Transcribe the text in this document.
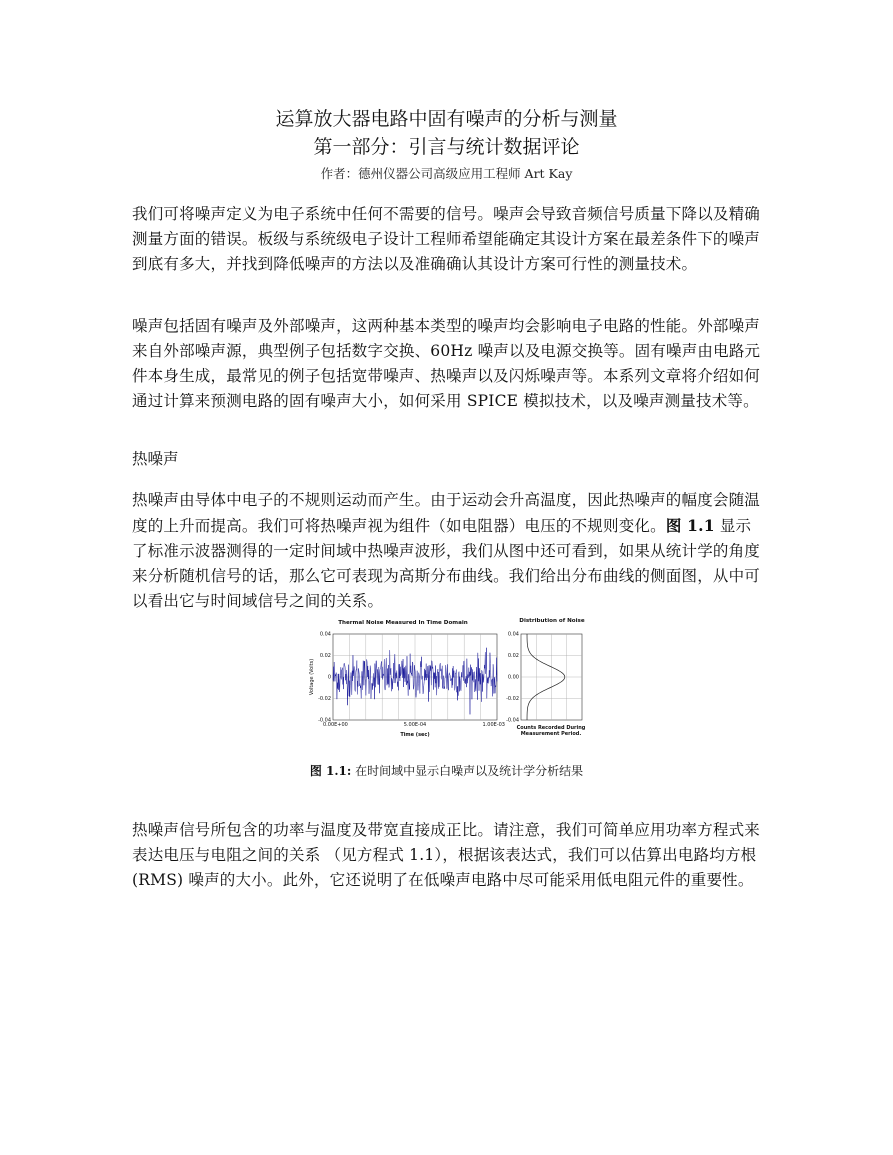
运算放大器电路中固有噪声的分析与测量
第一部分：引言与统计数据评论
作者：德州仪器公司高级应用工程师 Art Kay
我们可将噪声定义为电子系统中任何不需要的信号。噪声会导致音频信号质量下降以及精确测量方面的错误。板级与系统级电子设计工程师希望能确定其设计方案在最差条件下的噪声到底有多大，并找到降低噪声的方法以及准确确认其设计方案可行性的测量技术。
噪声包括固有噪声及外部噪声，这两种基本类型的噪声均会影响电子电路的性能。外部噪声来自外部噪声源，典型例子包括数字交换、60Hz 噪声以及电源交换等。固有噪声由电路元件本身生成，最常见的例子包括宽带噪声、热噪声以及闪烁噪声等。本系列文章将介绍如何通过计算来预测电路的固有噪声大小，如何采用 SPICE 模拟技术，以及噪声测量技术等。
热噪声
热噪声由导体中电子的不规则运动而产生。由于运动会升高温度，因此热噪声的幅度会随温度的上升而提高。我们可将热噪声视为组件（如电阻器）电压的不规则变化。图 1.1 显示了标准示波器测得的一定时间域中热噪声波形，我们从图中还可看到，如果从统计学的角度来分析随机信号的话，那么它可表现为高斯分布曲线。我们给出分布曲线的侧面图，从中可以看出它与时间域信号之间的关系。
Thermal Noise Measured In Time Domain
0.04
0.02
0
-0.02
-0.04
0.00E+00	5.00E-04	1.00E-03
Time (sec)
Voltage (Volts)
Distribution of Noise
0.04
0.02
0.00
-0.02
-0.04
Counts Recorded During
Measurement Period.
图 1.1: 在时间域中显示白噪声以及统计学分析结果
热噪声信号所包含的功率与温度及带宽直接成正比。请注意，我们可简单应用功率方程式来表达电压与电阻之间的关系 （见方程式 1.1），根据该表达式，我们可以估算出电路均方根 (RMS) 噪声的大小。此外，它还说明了在低噪声电路中尽可能采用低电阻元件的重要性。
